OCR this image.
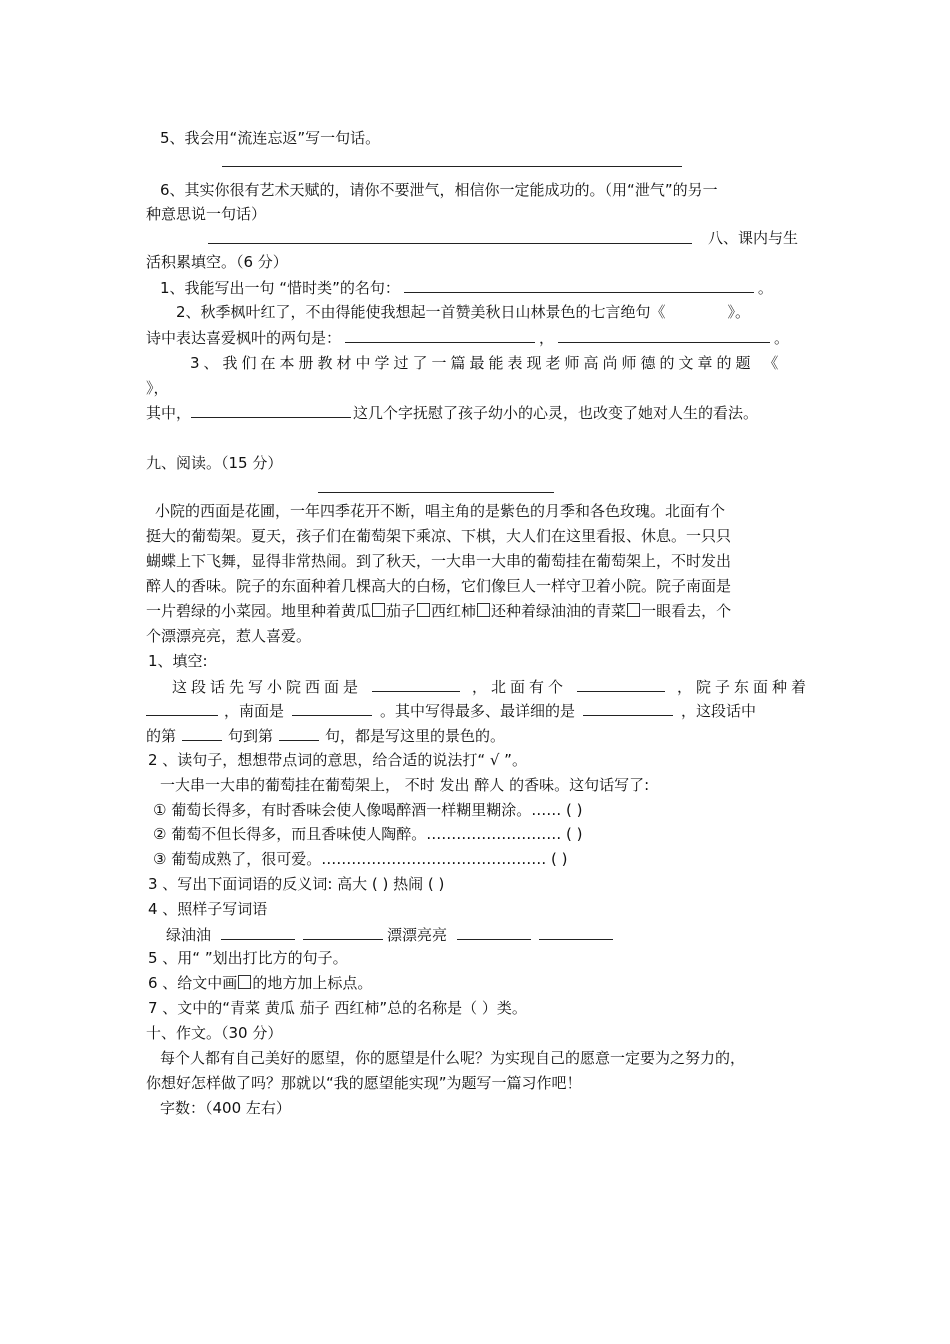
5、我会用“流连忘返”写一句话。
6、其实你很有艺术天赋的，请你不要泄气，相信你一定能成功的。（用“泄气”的另一
种意思说一句话）
八、课内与生
活积累填空。（6 分）
1、我能写出一句 “惜时类”的名句：	。
2、秋季枫叶红了，不由得能使我想起一首赞美秋日山林景色的七言绝句《	》。
诗中表达喜爱枫叶的两句是：	，	。
3、我们在本册教材中学过了一篇最能表现老师高尚师德的文章的题 《
》，
其中，	这几个字抚慰了孩子幼小的心灵，也改变了她对人生的看法。
九、阅读。（15 分）
小院的西面是花圃，一年四季花开不断，唱主角的是紫色的月季和各色玫瑰。北面有个
挺大的葡萄架。夏天，孩子们在葡萄架下乘凉、下棋，大人们在这里看报、休息。一只只
蝴蝶上下飞舞，显得非常热闹。到了秋天，一大串一大串的葡萄挂在葡萄架上，不时发出
醉人的香味。院子的东面种着几棵高大的白杨，它们像巨人一样守卫着小院。院子南面是
一片碧绿的小菜园。地里种着黄瓜 茄子 西红柿 还种着绿油油的青菜 一眼看去，个
个漂漂亮亮，惹人喜爱。
1、填空:
这段话先写小院西面是	，北面有个	，院子东面种着
，南面是	。其中写得最多、最详细的是	，这段话中
的第	句到第	句，都是写这里的景色的。
2 、读句子，想想带点词的意思，给合适的说法打“ √ ”。
一大串一大串的葡萄挂在葡萄架上， 不时 发出 醉人 的香味。这句话写了:
① 葡萄长得多，有时香味会使人像喝醉酒一样糊里糊涂。…… ( )
② 葡萄不但长得多，而且香味使人陶醉。……………………… ( )
③ 葡萄成熟了，很可爱。……………………………………… ( )
3 、写出下面词语的反义词: 高大 ( ) 热闹 ( )
4 、照样子写词语
绿油油	漂漂亮亮
5 、用“ ”划出打比方的句子。
6 、给文中画 的地方加上标点。
7 、文中的“青菜 黄瓜 茄子 西红柿”总的名称是（ ）类。
十、作文。（30 分）
每个人都有自己美好的愿望，你的愿望是什么呢？为实现自己的愿意一定要为之努力的，
你想好怎样做了吗？那就以“我的愿望能实现”为题写一篇习作吧！
字数：（400 左右）
